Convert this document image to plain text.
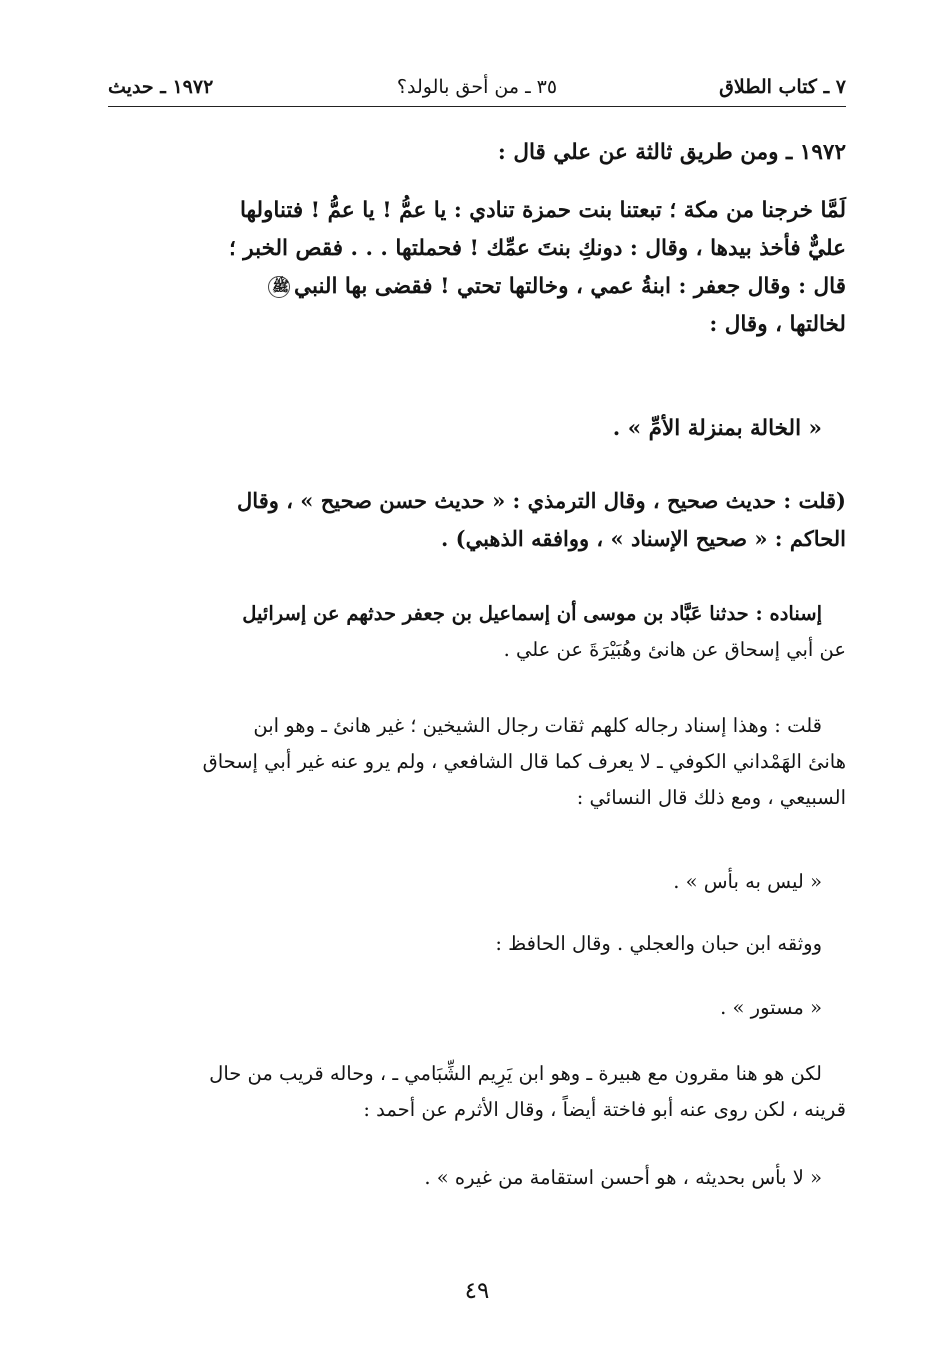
٧ ـ كتاب الطلاق
٣٥ ـ من أحق بالولد؟
١٩٧٢ ـ حديث
١٩٧٢ ـ ومن طريق ثالثة عن علي قال :
لَمَّا خرجنا من مكة ؛ تبعتنا بنت حمزة تنادي : يا عمُّ ! يا عمُّ ! فتناولها
عليٌّ فأخذ بيدها ، وقال : دونكِ بنتَ عمِّك ! فحملتها . . . فقص الخبر ؛
قال : وقال جعفر : ابنةُ عمي ، وخالتها تحتي ! فقضى بها النبيﷺ
لخالتها ، وقال :
« الخالة بمنزلة الأمِّ » .
(قلت : حديث صحيح ، وقال الترمذي : « حديث حسن صحيح » ، وقال
الحاكم : « صحيح الإسناد » ، ووافقه الذهبي) .
إسناده : حدثنا عَبَّاد بن موسى أن إسماعيل بن جعفر حدثهم عن إسرائيل
عن أبي إسحاق عن هانئ وهُبَيْرَةَ عن علي .
قلت : وهذا إسناد رجاله كلهم ثقات رجال الشيخين ؛ غير هانئ ـ وهو ابن
هانئ الهَمْداني الكوفي ـ لا يعرف كما قال الشافعي ، ولم يرو عنه غير أبي إسحاق
السبيعي ، ومع ذلك قال النسائي :
« ليس به بأس » .
ووثقه ابن حبان والعجلي . وقال الحافظ :
« مستور » .
لكن هو هنا مقرون مع هبيرة ـ وهو ابن يَرِيم الشِّبَامي ـ ، وحاله قريب من حال
قرينه ، لكن روى عنه أبو فاختة أيضاً ، وقال الأثرم عن أحمد :
« لا بأس بحديثه ، هو أحسن استقامة من غيره » .
٤٩
